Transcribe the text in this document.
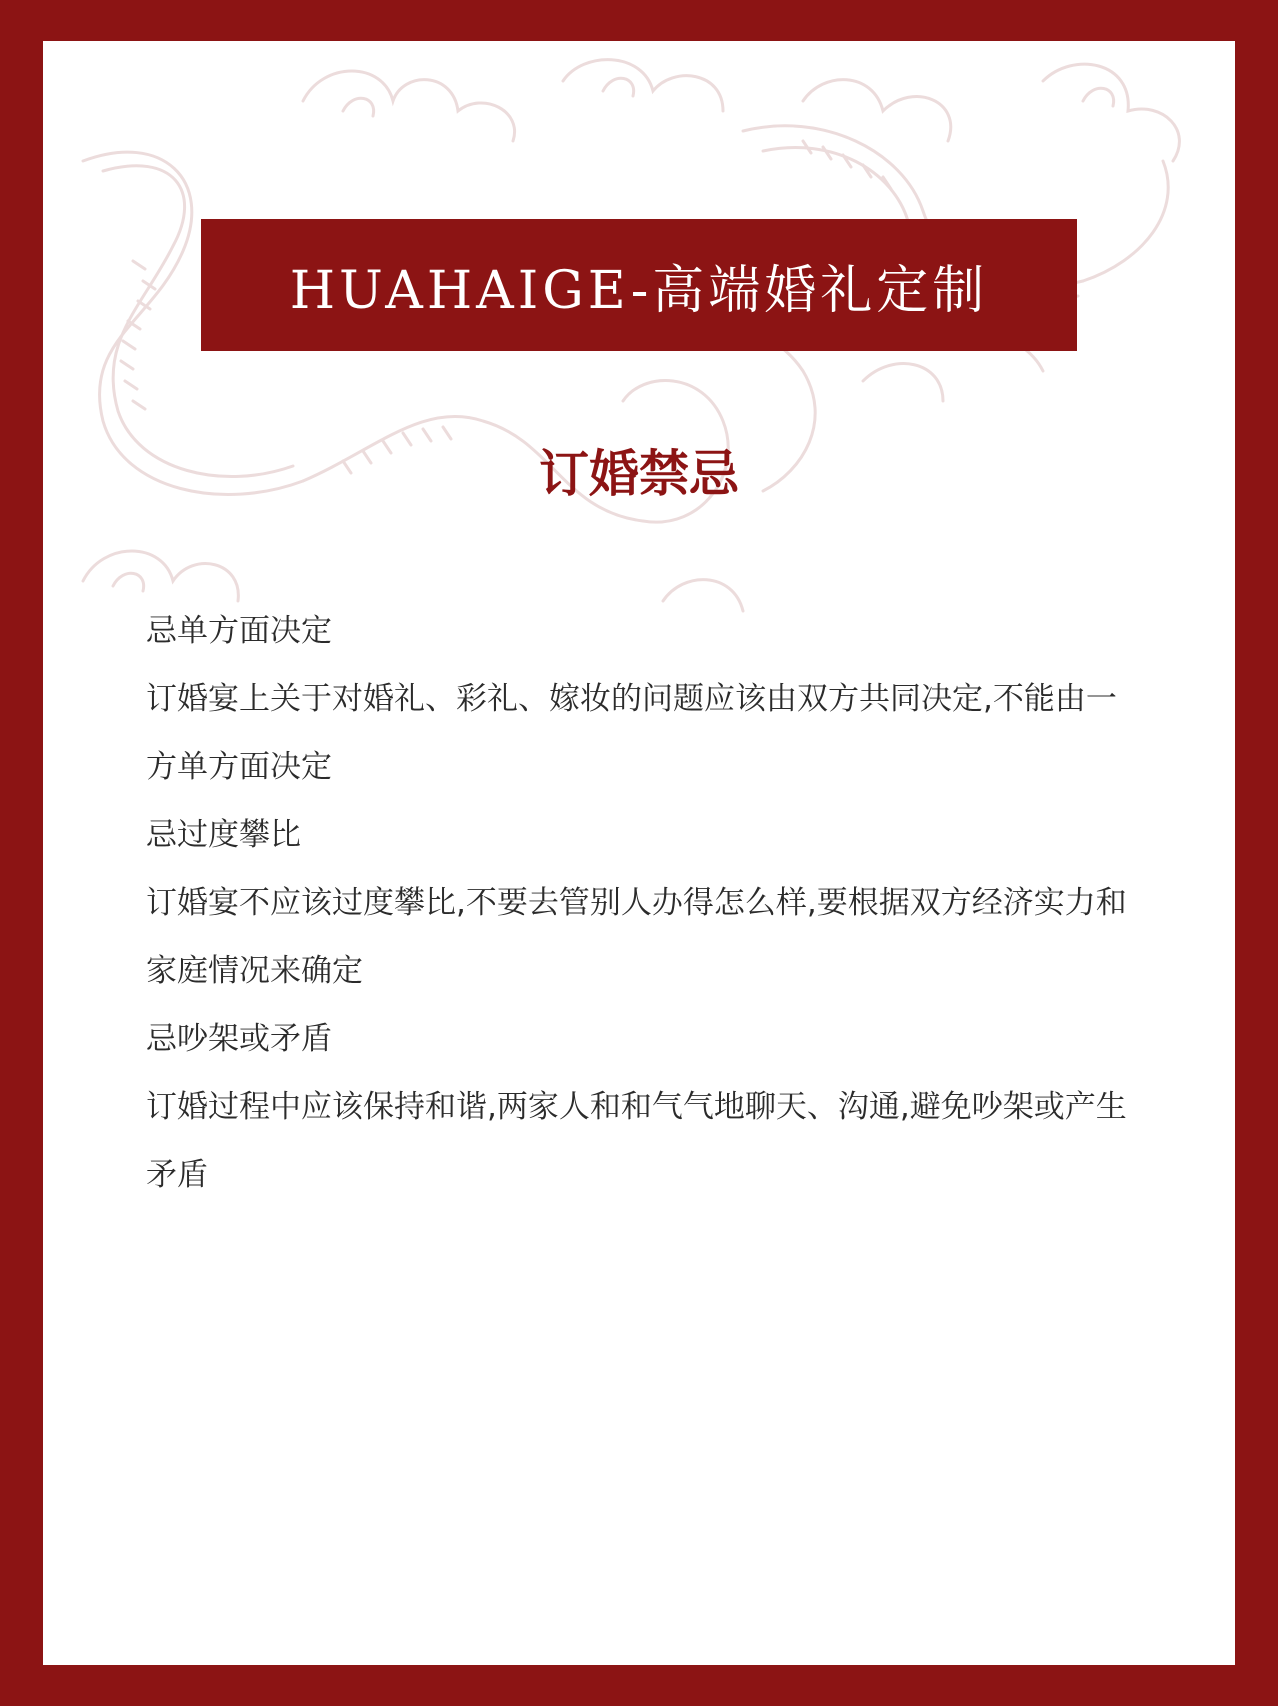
HUAHAIGE-高端婚礼定制
订婚禁忌

忌单方面决定

订婚宴上关于对婚礼、彩礼、嫁妆的问题应该由双方共同决定,不能由一方单方面决定

忌过度攀比

订婚宴不应该过度攀比,不要去管别人办得怎么样,要根据双方经济实力和家庭情况来确定

忌吵架或矛盾

订婚过程中应该保持和谐,两家人和和气气地聊天、沟通,避免吵架或产生矛盾
